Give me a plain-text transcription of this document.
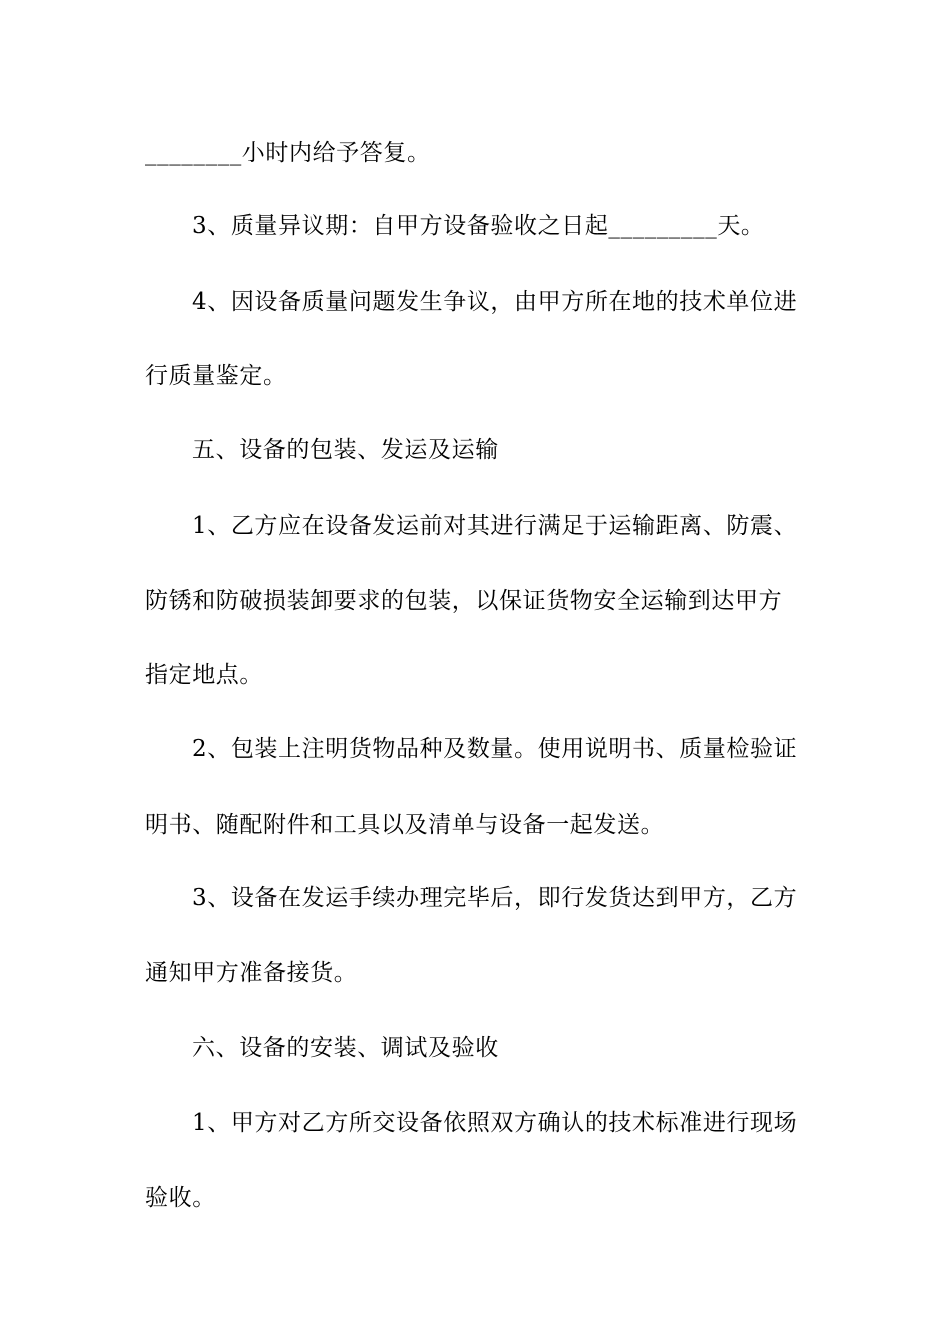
________小时内给予答复。
3、质量异议期：自甲方设备验收之日起_________天。
4、因设备质量问题发生争议，由甲方所在地的技术单位进
行质量鉴定。
五、设备的包装、发运及运输
1、乙方应在设备发运前对其进行满足于运输距离、防震、
防锈和防破损装卸要求的包装，以保证货物安全运输到达甲方
指定地点。
2、包装上注明货物品种及数量。使用说明书、质量检验证
明书、随配附件和工具以及清单与设备一起发送。
3、设备在发运手续办理完毕后，即行发货达到甲方，乙方
通知甲方准备接货。
六、设备的安装、调试及验收
1、甲方对乙方所交设备依照双方确认的技术标准进行现场
验收。
